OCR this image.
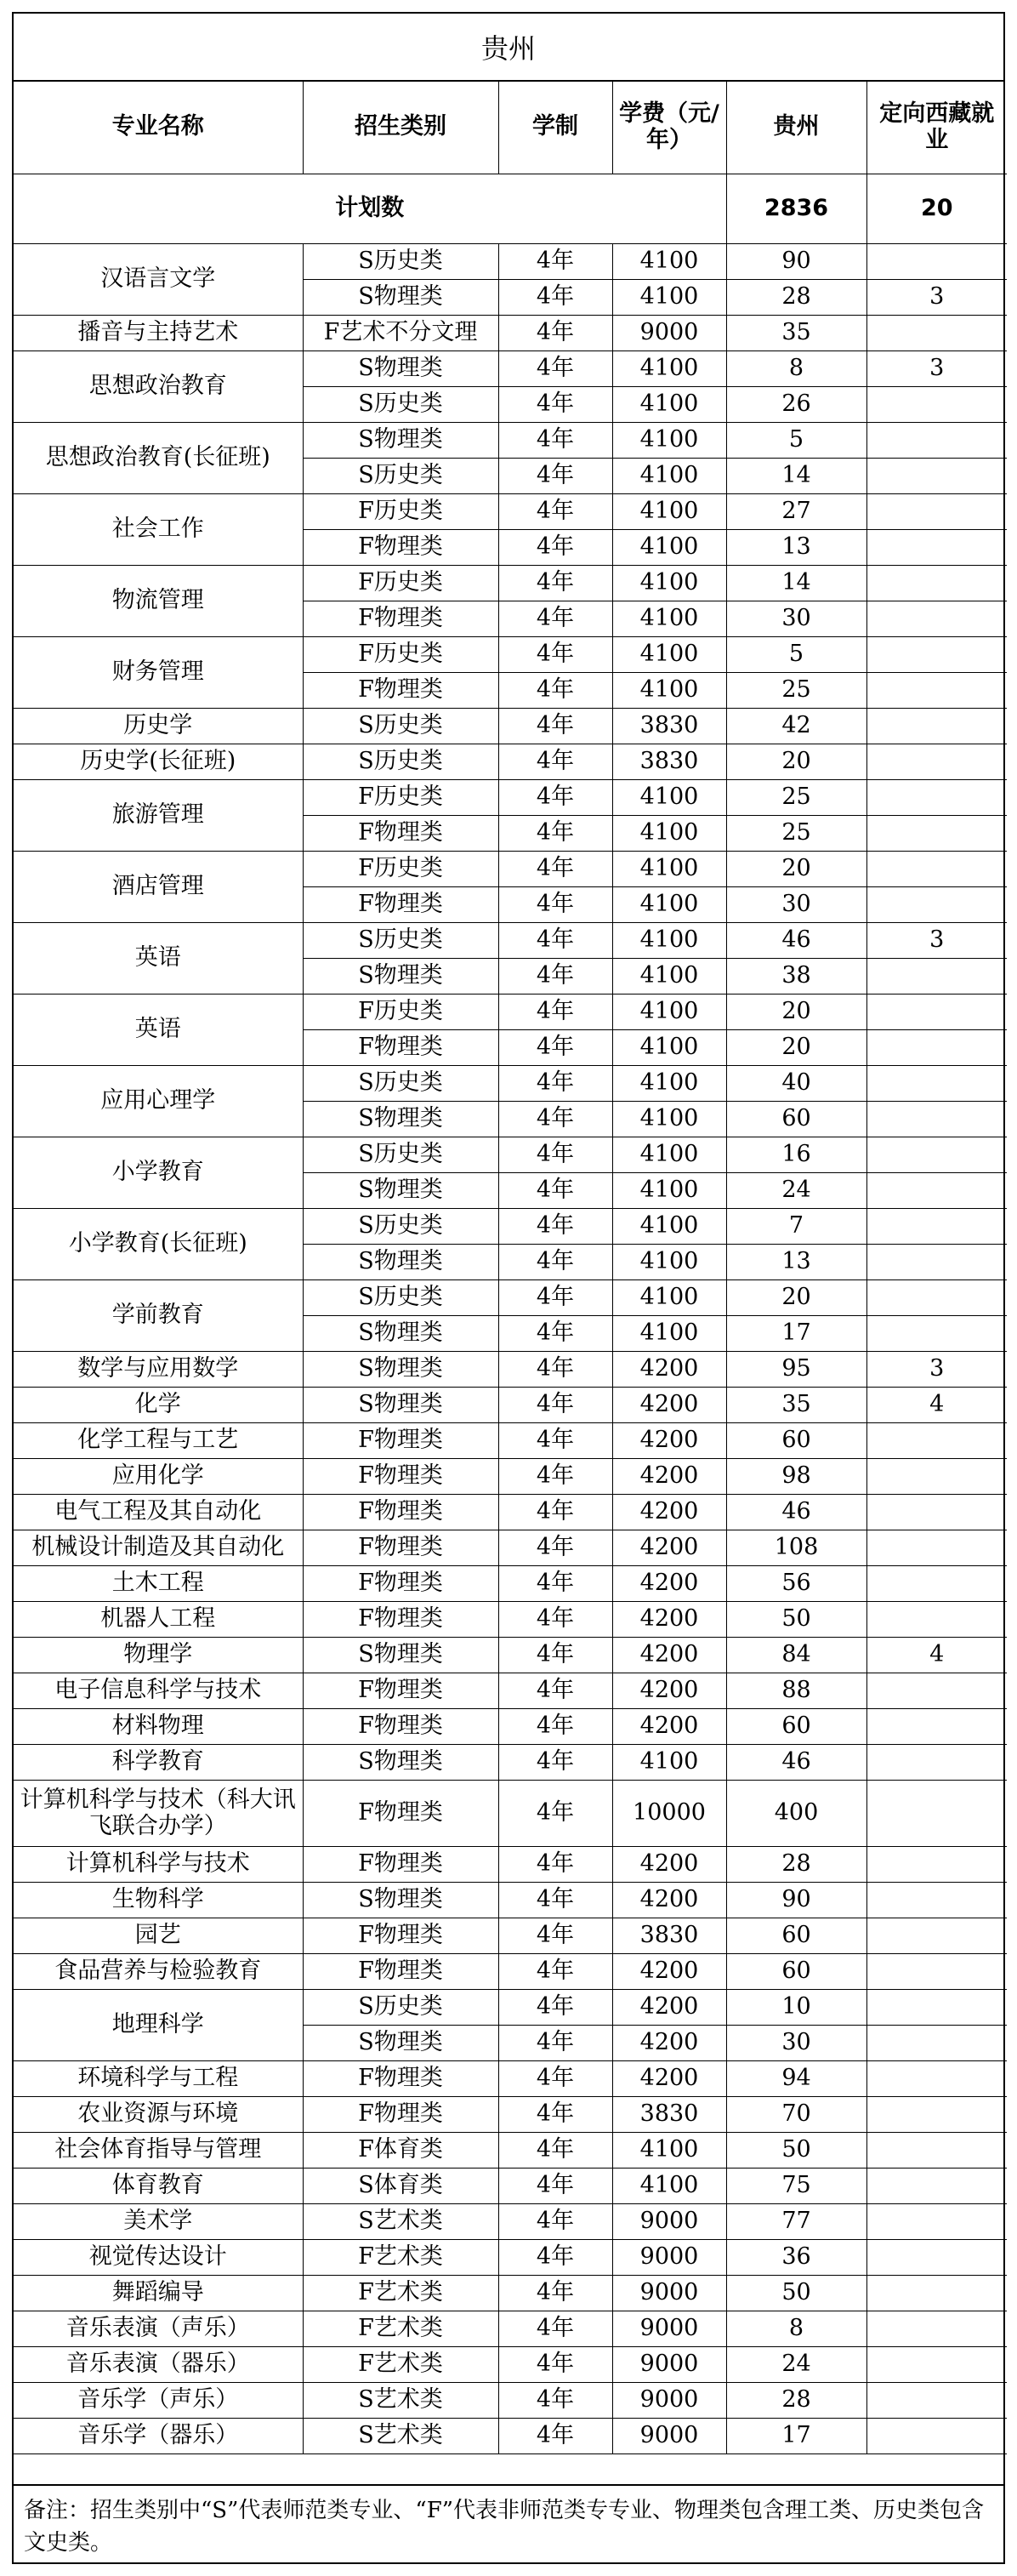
贵州
专业名称	招生类别	学制	学费（元/年）	贵州	定向西藏就业
计划数				2836	20
汉语言文学	S历史类	4年	4100	90	
	S物理类	4年	4100	28	3
播音与主持艺术	F艺术不分文理	4年	9000	35	
思想政治教育	S物理类	4年	4100	8	3
	S历史类	4年	4100	26	
思想政治教育(长征班)	S物理类	4年	4100	5	
	S历史类	4年	4100	14	
社会工作	F历史类	4年	4100	27	
	F物理类	4年	4100	13	
物流管理	F历史类	4年	4100	14	
	F物理类	4年	4100	30	
财务管理	F历史类	4年	4100	5	
	F物理类	4年	4100	25	
历史学	S历史类	4年	3830	42	
历史学(长征班)	S历史类	4年	3830	20	
旅游管理	F历史类	4年	4100	25	
	F物理类	4年	4100	25	
酒店管理	F历史类	4年	4100	20	
	F物理类	4年	4100	30	
英语	S历史类	4年	4100	46	3
	S物理类	4年	4100	38	
英语	F历史类	4年	4100	20	
	F物理类	4年	4100	20	
应用心理学	S历史类	4年	4100	40	
	S物理类	4年	4100	60	
小学教育	S历史类	4年	4100	16	
	S物理类	4年	4100	24	
小学教育(长征班)	S历史类	4年	4100	7	
	S物理类	4年	4100	13	
学前教育	S历史类	4年	4100	20	
	S物理类	4年	4100	17	
数学与应用数学	S物理类	4年	4200	95	3
化学	S物理类	4年	4200	35	4
化学工程与工艺	F物理类	4年	4200	60	
应用化学	F物理类	4年	4200	98	
电气工程及其自动化	F物理类	4年	4200	46	
机械设计制造及其自动化	F物理类	4年	4200	108	
土木工程	F物理类	4年	4200	56	
机器人工程	F物理类	4年	4200	50	
物理学	S物理类	4年	4200	84	4
电子信息科学与技术	F物理类	4年	4200	88	
材料物理	F物理类	4年	4200	60	
科学教育	S物理类	4年	4100	46	
计算机科学与技术（科大讯飞联合办学）	F物理类	4年	10000	400	
计算机科学与技术	F物理类	4年	4200	28	
生物科学	S物理类	4年	4200	90	
园艺	F物理类	4年	3830	60	
食品营养与检验教育	F物理类	4年	4200	60	
地理科学	S历史类	4年	4200	10	
	S物理类	4年	4200	30	
环境科学与工程	F物理类	4年	4200	94	
农业资源与环境	F物理类	4年	3830	70	
社会体育指导与管理	F体育类	4年	4100	50	
体育教育	S体育类	4年	4100	75	
美术学	S艺术类	4年	9000	77	
视觉传达设计	F艺术类	4年	9000	36	
舞蹈编导	F艺术类	4年	9000	50	
音乐表演（声乐）	F艺术类	4年	9000	8	
音乐表演（器乐）	F艺术类	4年	9000	24	
音乐学（声乐）	S艺术类	4年	9000	28	
音乐学（器乐）	S艺术类	4年	9000	17	
备注：招生类别中“S”代表师范类专业、“F”代表非师范类专专业、物理类包含理工类、历史类包含文史类。
